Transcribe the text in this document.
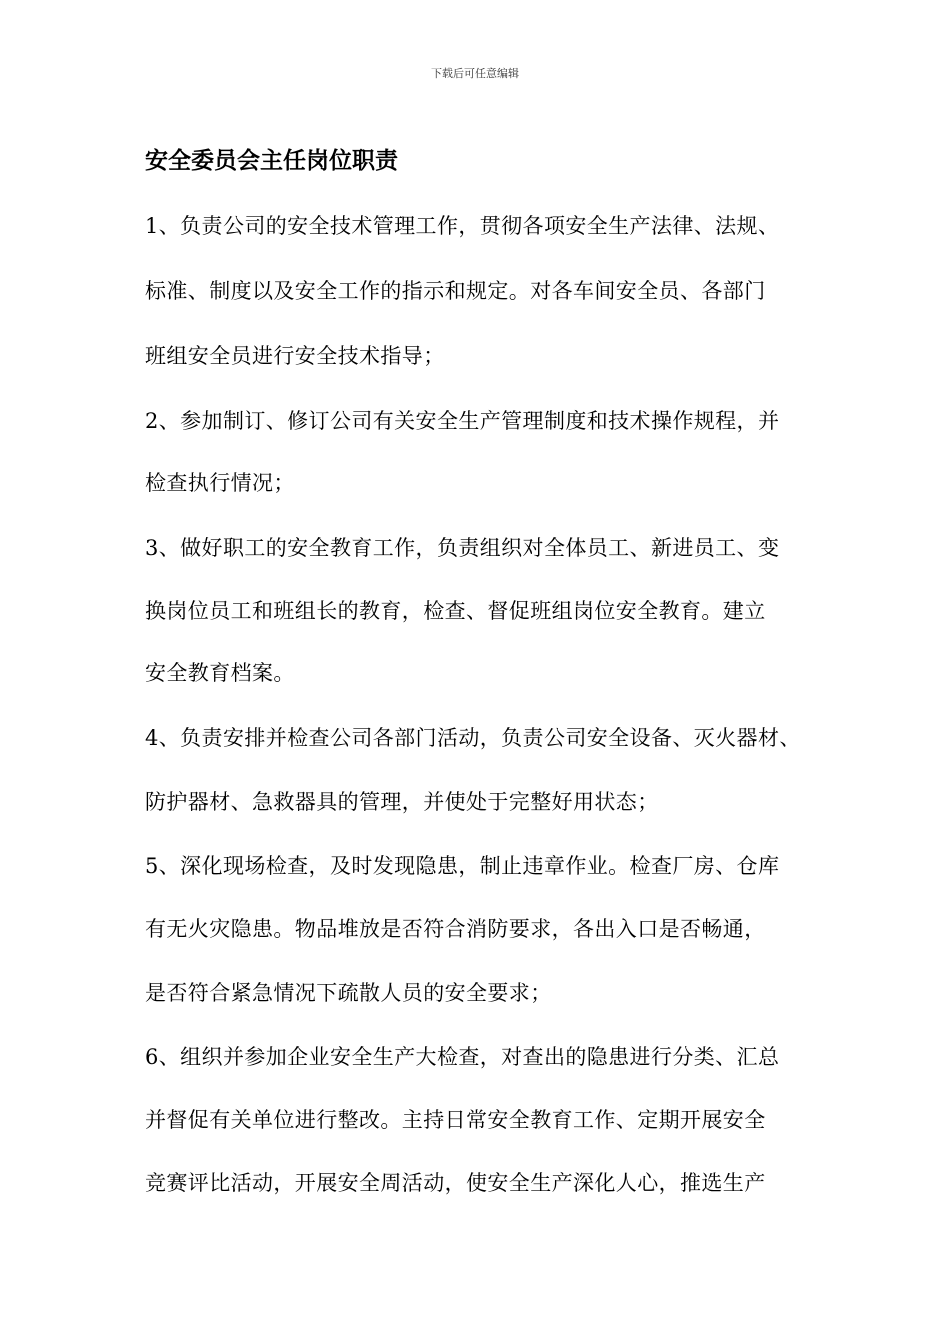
下载后可任意编辑
安全委员会主任岗位职责
1、负责公司的安全技术管理工作，贯彻各项安全生产法律、法规、
标准、制度以及安全工作的指示和规定。对各车间安全员、各部门
班组安全员进行安全技术指导；
2、参加制订、修订公司有关安全生产管理制度和技术操作规程，并
检查执行情况；
3、做好职工的安全教育工作，负责组织对全体员工、新进员工、变
换岗位员工和班组长的教育，检查、督促班组岗位安全教育。建立
安全教育档案。
4、负责安排并检查公司各部门活动，负责公司安全设备、灭火器材、
防护器材、急救器具的管理，并使处于完整好用状态；
5、深化现场检查，及时发现隐患，制止违章作业。检查厂房、仓库
有无火灾隐患。物品堆放是否符合消防要求，各出入口是否畅通，
是否符合紧急情况下疏散人员的安全要求；
6、组织并参加企业安全生产大检查，对查出的隐患进行分类、汇总
并督促有关单位进行整改。主持日常安全教育工作、定期开展安全
竞赛评比活动，开展安全周活动，使安全生产深化人心，推选生产
